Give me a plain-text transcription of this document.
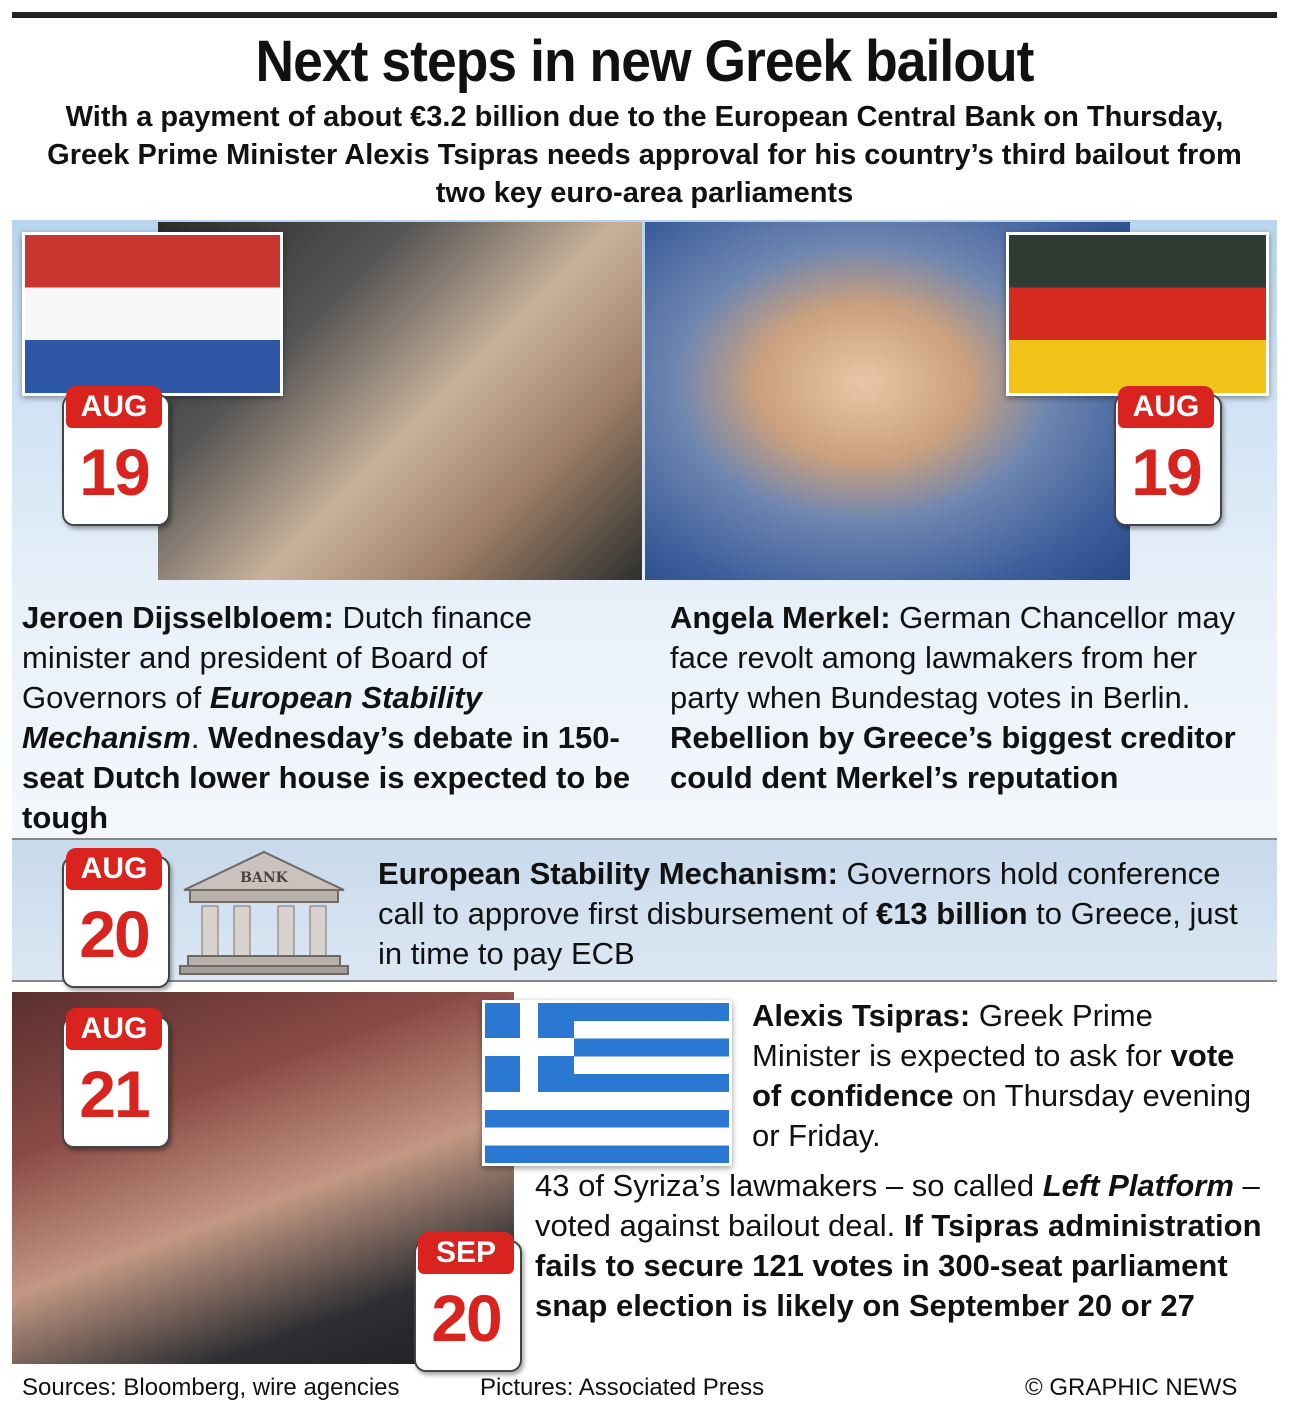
Next steps in new Greek bailout
With a payment of about €3.2 billion due to the European Central Bank on Thursday, Greek Prime Minister Alexis Tsipras needs approval for his country’s third bailout from two key euro-area parliaments
AUG
19
AUG
19
Jeroen Dijsselbloem: Dutch finance minister and president of Board of Governors of European Stability Mechanism. Wednesday’s debate in 150-seat Dutch lower house is expected to be tough
Angela Merkel: German Chancellor may face revolt among lawmakers from her party when Bundestag votes in Berlin. Rebellion by Greece’s biggest creditor could dent Merkel’s reputation
AUG
20
BANK	European Stability Mechanism: Governors hold conference call to approve first disbursement of €13 billion to Greece, just in time to pay ECB
AUG
21
Alexis Tsipras: Greek Prime Minister is expected to ask for vote of confidence on Thursday evening or Friday.
SEP
20
43 of Syriza’s lawmakers – so called Left Platform – voted against bailout deal. If Tsipras administration fails to secure 121 votes in 300-seat parliament snap election is likely on September 20 or 27
Sources: Bloomberg, wire agencies	Pictures: Associated Press	© GRAPHIC NEWS
